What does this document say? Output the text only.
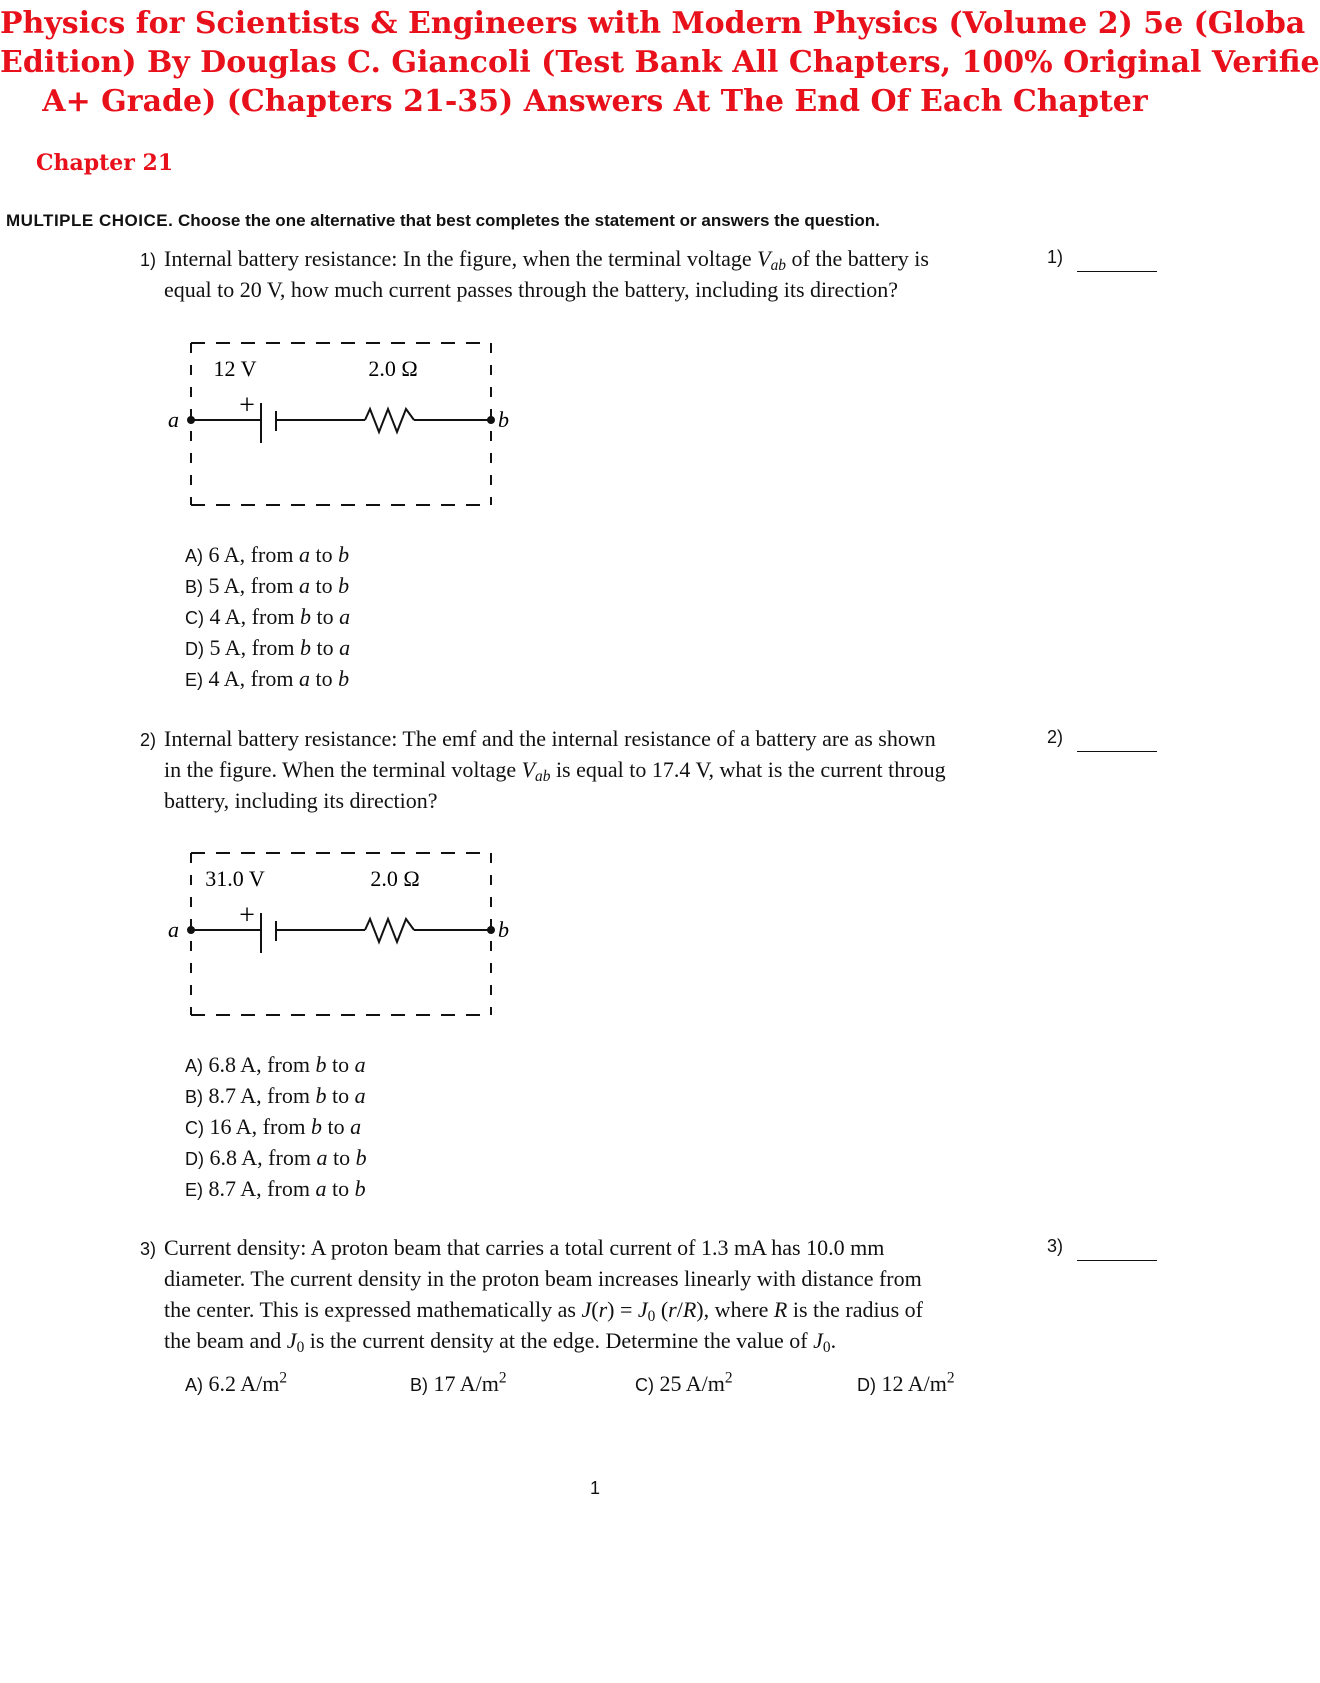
Physics for Scientists & Engineers with Modern Physics (Volume 2) 5e (Globa
Edition) By Douglas C. Giancoli (Test Bank All Chapters, 100% Original Verifie
A+ Grade) (Chapters 21-35) Answers At The End Of Each Chapter
Chapter 21
MULTIPLE CHOICE. Choose the one alternative that best completes the statement or answers the question.
1) Internal battery resistance: In the figure, when the terminal voltage $V_{ab}$ of the battery is
equal to 20 V, how much current passes through the battery, including its direction?
1)
12 V	2.0 Ω
+
a	b
A) 6 A, from a to b
B) 5 A, from a to b
C) 4 A, from b to a
D) 5 A, from b to a
E) 4 A, from a to b
2) Internal battery resistance: The emf and the internal resistance of a battery are as shown
in the figure. When the terminal voltage $V_{ab}$ is equal to 17.4 V, what is the current throug
battery, including its direction?
2)
31.0 V	2.0 Ω
+
a	b
A) 6.8 A, from b to a
B) 8.7 A, from b to a
C) 16 A, from b to a
D) 6.8 A, from a to b
E) 8.7 A, from a to b
3) Current density: A proton beam that carries a total current of 1.3 mA has 10.0 mm
diameter. The current density in the proton beam increases linearly with distance from
the center. This is expressed mathematically as $J(r) = J_0$ (r/R), where R is the radius of
the beam and $J_0$ is the current density at the edge. Determine the value of $J_0$.
3)
A) 6.2 $A/m^2$	B) 17 $A/m^2$	C) 25 $A/m^2$	D) 12 $A/m^2$
1
